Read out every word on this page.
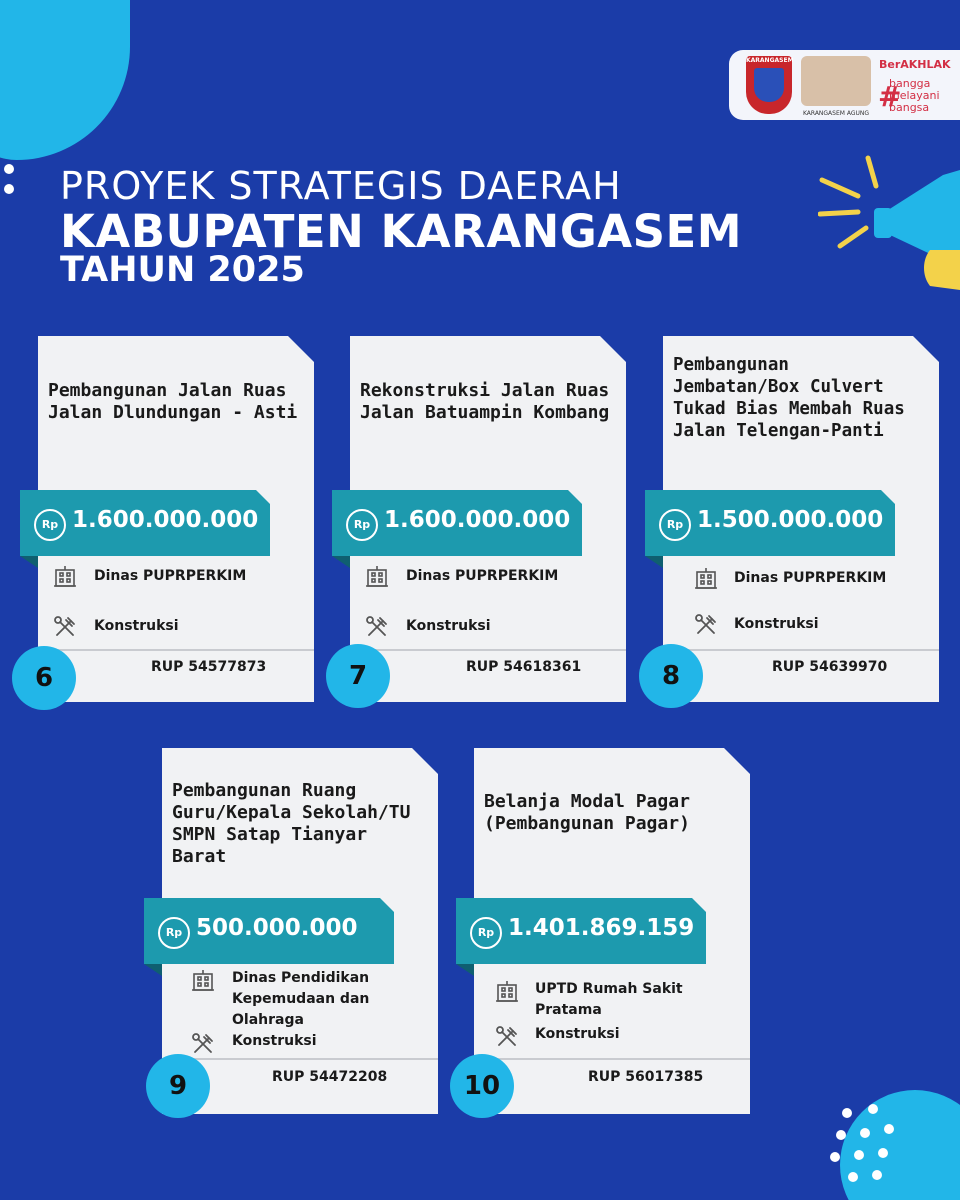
KARANGASEM
KARANGASEM AGUNG
BerAKHLAK
#
bangga
melayani
bangsa
PROYEK STRATEGIS DAERAH
KABUPATEN KARANGASEM
TAHUN 2025
Pembangunan Jalan Ruas Jalan Dlundungan - Asti
Rp 1.600.000.000
Dinas PUPRPERKIM
Konstruksi
RUP 54577873
6
Rekonstruksi Jalan Ruas Jalan Batuampin Kombang
Rp 1.600.000.000
Dinas PUPRPERKIM
Konstruksi
RUP 54618361
7
Pembangunan Jembatan/Box Culvert Tukad Bias Membah Ruas Jalan Telengan-Panti
Rp 1.500.000.000
Dinas PUPRPERKIM
Konstruksi
RUP 54639970
8
Pembangunan Ruang Guru/Kepala Sekolah/TU SMPN Satap Tianyar Barat
Rp 500.000.000
Dinas Pendidikan Kepemudaan dan Olahraga
Konstruksi
RUP 54472208
9
Belanja Modal Pagar (Pembangunan Pagar)
Rp 1.401.869.159
UPTD Rumah Sakit Pratama
Konstruksi
RUP 56017385
10
